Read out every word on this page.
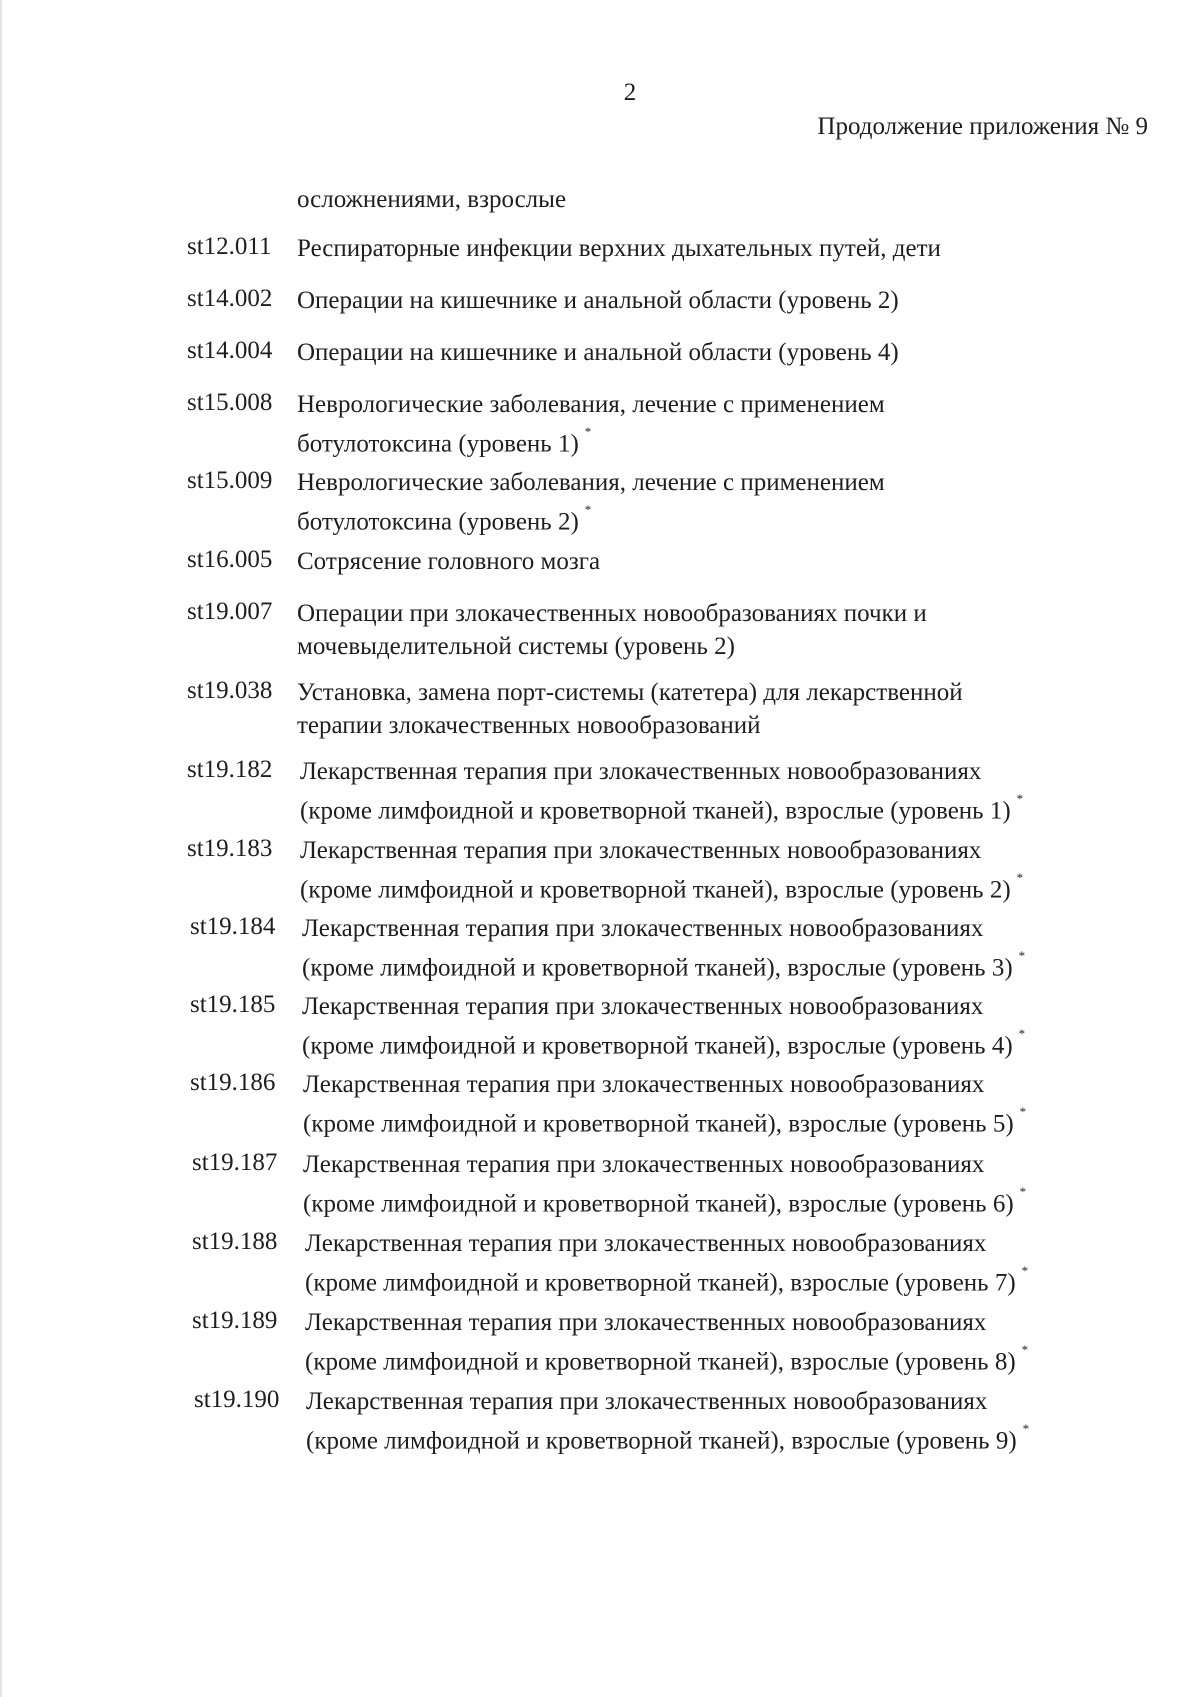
2
Продолжение приложения № 9
осложнениями, взрослые
st12.011 Респираторные инфекции верхних дыхательных путей, дети
st14.002 Операции на кишечнике и анальной области (уровень 2)
st14.004 Операции на кишечнике и анальной области (уровень 4)
st15.008 Неврологические заболевания, лечение с применением
ботулотоксина (уровень 1) *
st15.009 Неврологические заболевания, лечение с применением
ботулотоксина (уровень 2) *
st16.005 Сотрясение головного мозга
st19.007 Операции при злокачественных новообразованиях почки и
мочевыделительной системы (уровень 2)
st19.038 Установка, замена порт-системы (катетера) для лекарственной
терапии злокачественных новообразований
st19.182 Лекарственная терапия при злокачественных новообразованиях
(кроме лимфоидной и кроветворной тканей), взрослые (уровень 1) *
st19.183 Лекарственная терапия при злокачественных новообразованиях
(кроме лимфоидной и кроветворной тканей), взрослые (уровень 2) *
st19.184 Лекарственная терапия при злокачественных новообразованиях
(кроме лимфоидной и кроветворной тканей), взрослые (уровень 3) *
st19.185 Лекарственная терапия при злокачественных новообразованиях
(кроме лимфоидной и кроветворной тканей), взрослые (уровень 4) *
st19.186 Лекарственная терапия при злокачественных новообразованиях
(кроме лимфоидной и кроветворной тканей), взрослые (уровень 5) *
st19.187 Лекарственная терапия при злокачественных новообразованиях
(кроме лимфоидной и кроветворной тканей), взрослые (уровень 6) *
st19.188 Лекарственная терапия при злокачественных новообразованиях
(кроме лимфоидной и кроветворной тканей), взрослые (уровень 7) *
st19.189 Лекарственная терапия при злокачественных новообразованиях
(кроме лимфоидной и кроветворной тканей), взрослые (уровень 8) *
st19.190 Лекарственная терапия при злокачественных новообразованиях
(кроме лимфоидной и кроветворной тканей), взрослые (уровень 9) *
